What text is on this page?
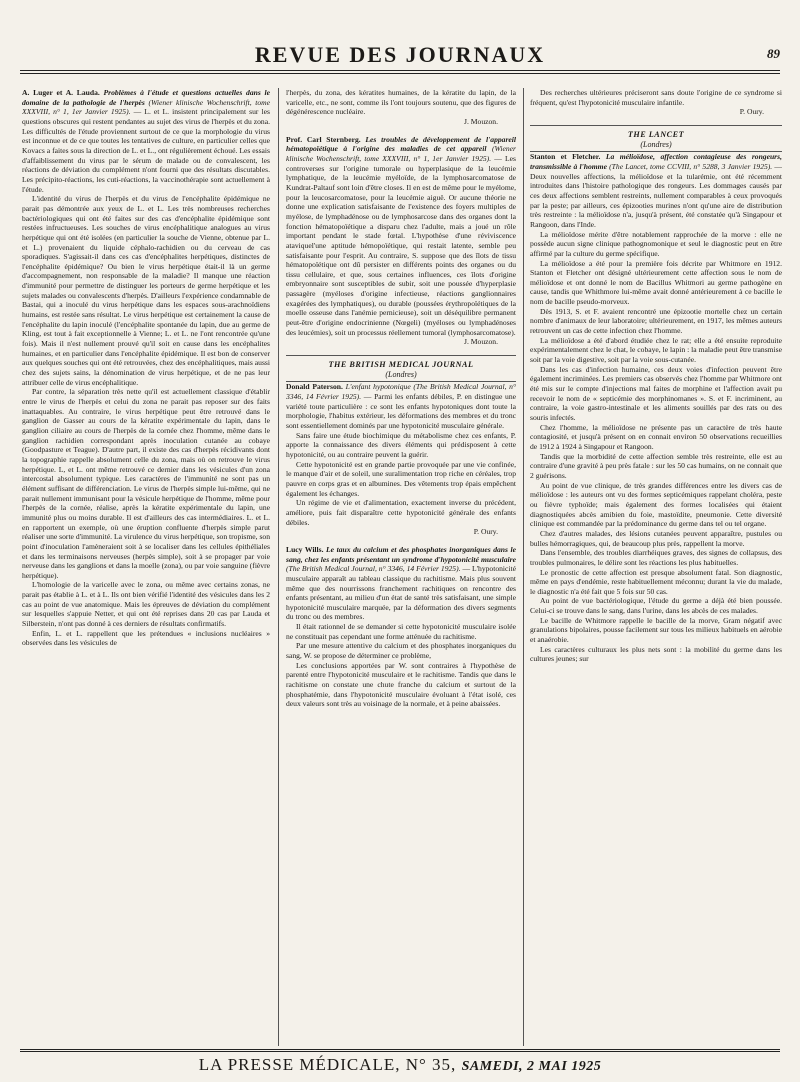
REVUE DES JOURNAUX	89

A. Luger et A. Lauda. Problèmes à l'étude et questions actuelles dans le domaine de la pathologie de l'herpès (Wiener klinische Wochenschrift, tome XXXVIII, n° 1, 1er Janvier 1925). — L. et L. insistent principalement sur les questions obscures qui restent pendantes au sujet des virus de l'herpès et du zona. Les difficultés de l'étude proviennent surtout de ce que la morphologie du virus est inconnue et de ce que toutes les tentatives de culture, en particulier celles que Kovacs a faites sous la direction de L. et L., ont régulièrement échoué. Les essais d'affaiblissement du virus par le sérum de malade ou de convalescent, les réactions de déviation du complément n'ont fourni que des résultats discutables. Les précipito-réactions, les cuti-réactions, la vaccinothérapie sont actuellement à l'étude.

L'identité du virus de l'herpès et du virus de l'encéphalite épidémique ne parait pas démontrée aux yeux de L. et L. Les très nombreuses recherches bactériologiques qui ont été faites sur des cas d'encéphalite épidémique sont restées infructueuses. Les souches de virus encéphalitique analogues au virus herpétique qui ont été isolées (en particulier la souche de Vienne, obtenue par L. et L.) provenaient du liquide céphalo-rachidien ou du cerveau de cas sporadiques. S'agissait-il dans ces cas d'encéphalites herpétiques, distinctes de l'encéphalite épidémique? Ou bien le virus herpétique était-il là un germe d'accompagnement, non responsable de la maladie? Il manque une réaction d'immunité pour permettre de distinguer les porteurs de germe herpétique et les sujets malades ou convalescents d'herpès. D'ailleurs l'expérience condamnable de Bastai, qui a inoculé du virus herpétique dans les espaces sous-arachnoïdiens humains, est restée sans résultat. Le virus herpétique est certainement la cause de l'encéphalite du lapin inoculé (l'encéphalite spontanée du lapin, due au germe de Kling, est tout à fait exceptionnelle à Vienne; L. et L. ne l'ont rencontrée qu'une fois). Mais il n'est nullement prouvé qu'il soit en cause dans les encéphalites humaines, et en particulier dans l'encéphalite épidémique. Il est bon de conserver aux quelques souches qui ont été retrouvées, chez des encéphalitiques, mais aussi chez des sujets sains, la dénomination de virus herpétique, et de ne pas leur attribuer celle de virus encéphalitique.

Par contre, la séparation très nette qu'il est actuellement classique d'établir entre le virus de l'herpès et celui du zona ne parait pas reposer sur des faits inattaquables. Au contraire, le virus herpétique peut être retrouvé dans le ganglion de Gasser au cours de la kératite expérimentale du lapin, dans le ganglion ciliaire au cours de l'herpès de la cornée chez l'homme, même dans le ganglion rachidien correspondant après inoculation cutanée au cobaye (Goodpasture et Teague). D'autre part, il existe des cas d'herpès récidivants dont la topographie rappelle absolument celle du zona, mais où on retrouve le virus herpétique. L, et L. ont même retrouvé ce dernier dans les vésicules d'un zona intercostal absolument typique. Les caractères de l'immunité ne sont pas un élément suffisant de différenciation. Le virus de l'herpès simple lui-même, qui ne parait nullement immunisant pour la vésicule herpétique de l'homme, même pour l'herpès de la cornée, réalise, après la kératite expérimentale du lapin, une immunité plus ou moins durable. Il est d'ailleurs des cas intermédiaires. L. et L. en rapportent un exemple, où une éruption confluente d'herpès simple parut réaliser une sorte d'immunité. La virulence du virus herpétique, son tropisme, son point d'inoculation l'amèneraient soit à se localiser dans les cellules épithéliales et dans les terminaisons nerveuses (herpès simple), soit à se propager par voie nerveuse dans les ganglions et dans la moelle (zona), ou par voie sanguine (fièvre herpétique).

L'homologie de la varicelle avec le zona, ou même avec certains zonas, ne parait pas établie à L. et à L. Ils ont bien vérifié l'identité des vésicules dans les 2 cas au point de vue anatomique. Mais les épreuves de déviation du complément sur lesquelles s'appuie Netter, et qui ont été reprises dans 20 cas par Lauda et Silberstein, n'ont pas donné à ces derniers de résultats confirmatifs.

Enfin, L. et L. rappellent que les prétendues « inclusions nucléaires » observées dans les vésicules de

l'herpès, du zona, des kératites humaines, de la kératite du lapin, de la varicelle, etc., ne sont, comme ils l'ont toujours soutenu, que des figures de dégénérescence nucléaire.

J. Mouzon.

Prof. Carl Sternberg. Les troubles de développement de l'appareil hématopoïétique à l'origine des maladies de cet appareil (Wiener klinische Wochenschrift, tome XXXVIII, n° 1, 1er Janvier 1925). — Les controverses sur l'origine tumorale ou hyperplasique de la leucémie lymphatique, de la leucémie myéloïde, de la lymphosarcomatose de Kundrat-Paltauf sont loin d'être closes. Il en est de même pour le myélome, pour la leucosarcomatose, pour la leucémie aiguë. Or aucune théorie ne donne une explication satisfaisante de l'existence des foyers multiples de myélose, de lymphadénose ou de lymphosarcose dans des organes dont la fonction hématopoïétique a disparu chez l'adulte, mais a joué un rôle important pendant le stade fœtal. L'hypothèse d'une réviviscence ataviquel'une aptitude hémopoïétique, qui restait latente, semble peu satisfaisante pour l'esprit. Au contraire, S. suppose que des îlots de tissu hématopoïétique ont dû persister en différents points des organes ou du tissu cellulaire, et que, sous certaines influences, ces îlots d'origine embryonnaire sont susceptibles de subir, soit une poussée d'hyperplasie passagère (myéloses d'origine infectieuse, réactions ganglionnaires exagérées des lymphatiques), ou durable (poussées érythropoïétiques de la moelle osseuse dans l'anémie pernicieuse), soit un déséquilibre permanent peut-être d'origine endocrinienne (Nœgeli) (myéloses ou lymphadénoses des leucémies), soit un processus réellement tumoral (lymphosarcomatose).

J. Mouzon.

THE BRITISH MEDICAL JOURNAL

(Londres)

Donald Paterson. L'enfant hypotonique (The British Medical Journal, n° 3346, 14 Février 1925). — Parmi les enfants débiles, P. en distingue une variété toute particulière : ce sont les enfants hypotoniques dont toute la morphologie, l'habitus extérieur, les déformations des membres et du tronc sont essentiellement dominés par une hypotonicité musculaire générale.

Sans faire une étude biochimique du métabolisme chez ces enfants, P. apporte la connaissance des divers éléments qui prédisposent à cette hypotonicité, ou au contraire peuvent la guérir.

Cette hypotonicité est en grande partie provoquée par une vie confinée, le manque d'air et de soleil, une suralimentation trop riche en céréales, trop pauvre en corps gras et en albumines. Des vêtements trop épais empêchent également les échanges.

Un régime de vie et d'alimentation, exactement inverse du précédent, améliore, puis fait disparaître cette hypotonicité générale des enfants débiles.

P. Oury.

Lucy Wills. Le taux du calcium et des phosphates inorganiques dans le sang, chez les enfants présentant un syndrome d'hypotonicité musculaire (The British Medical Journal, n° 3346, 14 Février 1925). — L'hypotonicité musculaire apparaît au tableau classique du rachitisme. Mais plus souvent même que des nourrissons franchement rachitiques on rencontre des enfants présentant, au milieu d'un état de santé très satisfaisant, une simple hypotonicité musculaire marquée, par la déformation des divers segments du tronc ou des membres.

Il était rationnel de se demander si cette hypotonicité musculaire isolée ne constituait pas cependant une forme atténuée du rachitisme.

Par une mesure attentive du calcium et des phosphates inorganiques du sang, W. se propose de déterminer ce problème,

Les conclusions apportées par W. sont contraires à l'hypothèse de parenté entre l'hypotonicité musculaire et le rachitisme. Tandis que dans le rachitisme on constate une chute franche du calcium et surtout de la phosphatémie, dans l'hypotonicité musculaire évoluant à l'état isolé, ces deux valeurs sont très au voisinage de la normale, et à peine abaissées.

Des recherches ultérieures préciseront sans doute l'origine de ce syndrome si fréquent, qu'est l'hypotonicité musculaire infantile.

P. Oury.

THE LANCET

(Londres)

Stanton et Fletcher. La mélioïdose, affection contagieuse des rongeurs, transmissible à l'homme (The Lancet, tome CCVIII, n° 5288, 3 Janvier 1925). — Deux nouvelles affections, la mélioïdose et la tularémie, ont été récemment introduites dans l'histoire pathologique des rongeurs. Les dommages causés par ces deux affections semblent restreints, nullement comparables à ceux provoqués par la peste; par ailleurs, ces épizooties murines n'ont qu'une aire de distribution très restreinte : la mélioïdose n'a, jusqu'à présent, été constatée qu'à Singapour et Rangoon, dans l'Inde.

La mélioïdose mérite d'être notablement rapprochée de la morve : elle ne possède aucun signe clinique pathognomonique et seul le diagnostic peut en être affirmé par la culture du germe spécifique.

La mélioïdose a été pour la première fois décrite par Whitmore en 1912. Stanton et Fletcher ont désigné ultérieurement cette affection sous le nom de mélioïdose et ont donné le nom de Bacillus Whitmori au germe pathogène en cause, tandis que Whithmore lui-même avait donné antérieurement à ce bacille le nom de bacille pseudo-morveux.

Dès 1913, S. et F. avaient rencontré une épizootie mortelle chez un certain nombre d'animaux de leur laboratoire; ultérieurement, en 1917, les mêmes auteurs retrouvent un cas de cette infection chez l'homme.

La mélioïdose a été d'abord étudiée chez le rat; elle a été ensuite reproduite expérimentalement chez le chat, le cobaye, le lapin : la maladie peut être transmise soit par la voie digestive, soit par la voie sous-cutanée.

Dans les cas d'infection humaine, ces deux voies d'infection peuvent être également incriminées. Les premiers cas observés chez l'homme par Whitmore ont été mis sur le compte d'injections mal faites de morphine et l'affection avait pu recevoir le nom de « septicémie des morphinomanes ». S. et F. incriminent, au contraire, la voie gastro-intestinale et les aliments souillés par des rats ou des souris infectés.

Chez l'homme, la mélioïdose ne présente pas un caractère de très haute contagiosité, et jusqu'à présent on en connait environ 50 observations recueillies de 1912 à 1924 à Singapour et Rangoon.

Tandis que la morbidité de cette affection semble très restreinte, elle est au contraire d'une gravité à peu près fatale : sur les 50 cas humains, on ne connait que 2 guérisons.

Au point de vue clinique, de très grandes différences entre les divers cas de mélioïdose : les auteurs ont vu des formes septicémiques rappelant choléra, peste ou fièvre typhoïde; mais également des formes localisées qui étaient diagnostiquées abcès amibien du foie, mastoïdite, pneumonie. Cette diversité clinique est commandée par la prédominance du germe dans tel ou tel organe.

Chez d'autres malades, des lésions cutanées peuvent apparaître, pustules ou bulles hémorragiques, qui, de beaucoup plus près, rappellent la morve.

Dans l'ensemble, des troubles diarrhéiques graves, des signes de collapsus, des troubles pulmonaires, le délire sont les réactions les plus habituelles.

Le pronostic de cette affection est presque absolument fatal. Son diagnostic, même en pays d'endémie, reste habituellement méconnu; durant la vie du malade, le diagnostic n'a été fait que 5 fois sur 50 cas.

Au point de vue bactériologique, l'étude du germe a déjà été bien poussée. Celui-ci se trouve dans le sang, dans l'urine, dans les abcès de ces malades.

Le bacille de Whitmore rappelle le bacille de la morve, Gram négatif avec granulations bipolaires, pousse facilement sur tous les milieux habituels en aérobie et anaérobie.

Les caractères culturaux les plus nets sont : la mobilité du germe dans les cultures jeunes; sur

LA PRESSE MÉDICALE, N° 35, SAMEDI, 2 MAI 1925
